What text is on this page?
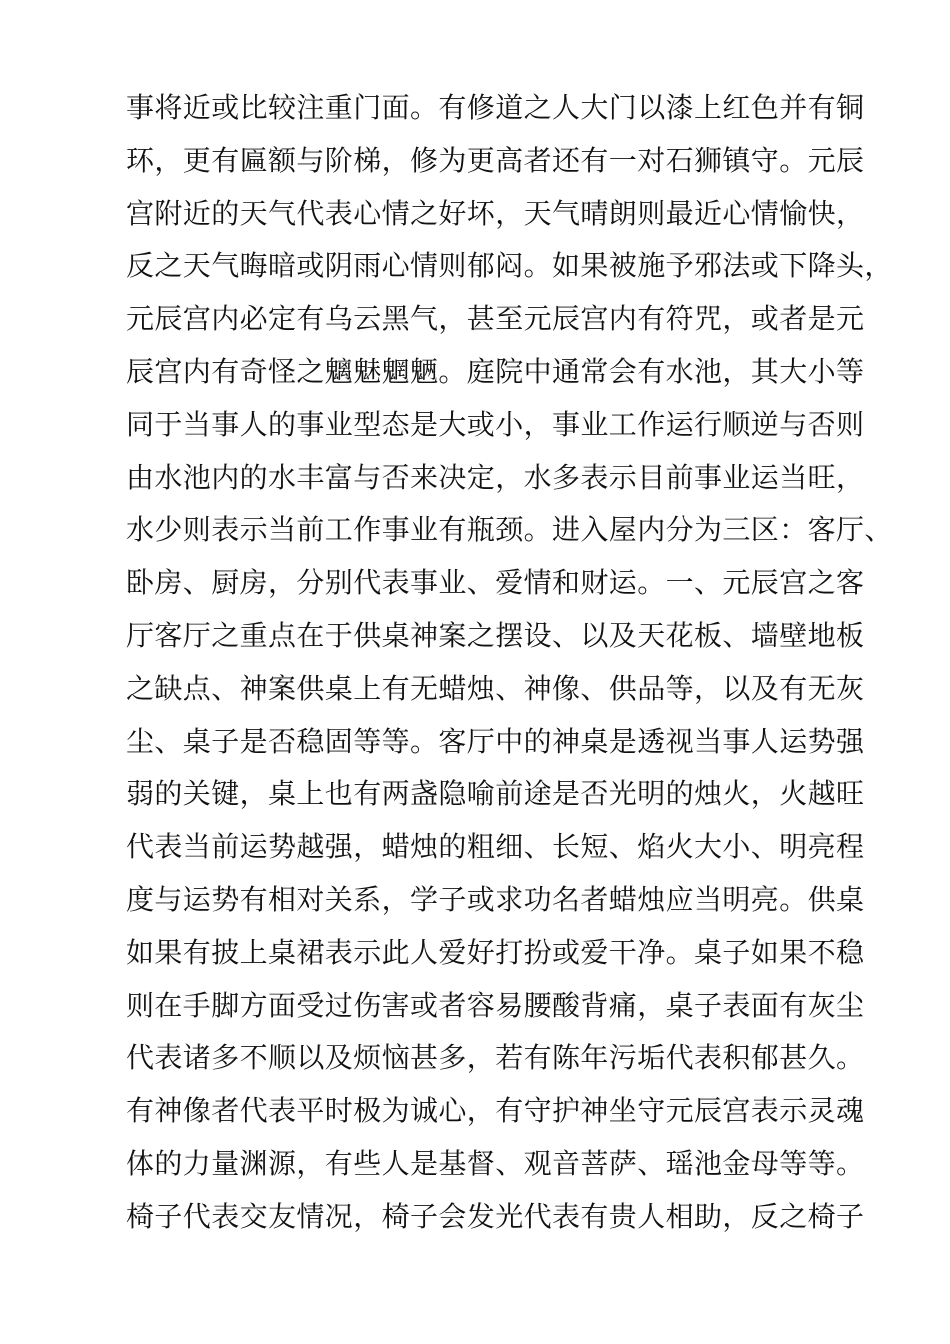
事将近或比较注重门面。有修道之人大门以漆上红色并有铜
环，更有匾额与阶梯，修为更高者还有一对石狮镇守。元辰
宫附近的天气代表心情之好坏，天气晴朗则最近心情愉快，
反之天气晦暗或阴雨心情则郁闷。如果被施予邪法或下降头，
元辰宫内必定有乌云黑气，甚至元辰宫内有符咒，或者是元
辰宫内有奇怪之魑魅魍魉。庭院中通常会有水池，其大小等
同于当事人的事业型态是大或小，事业工作运行顺逆与否则
由水池内的水丰富与否来决定，水多表示目前事业运当旺，
水少则表示当前工作事业有瓶颈。进入屋内分为三区：客厅、
卧房、厨房，分别代表事业、爱情和财运。一、元辰宫之客
厅客厅之重点在于供桌神案之摆设、以及天花板、墙壁地板
之缺点、神案供桌上有无蜡烛、神像、供品等，以及有无灰
尘、桌子是否稳固等等。客厅中的神桌是透视当事人运势强
弱的关键，桌上也有两盏隐喻前途是否光明的烛火，火越旺
代表当前运势越强，蜡烛的粗细、长短、焰火大小、明亮程
度与运势有相对关系，学子或求功名者蜡烛应当明亮。供桌
如果有披上桌裙表示此人爱好打扮或爱干净。桌子如果不稳
则在手脚方面受过伤害或者容易腰酸背痛，桌子表面有灰尘
代表诸多不顺以及烦恼甚多，若有陈年污垢代表积郁甚久。
有神像者代表平时极为诚心，有守护神坐守元辰宫表示灵魂
体的力量渊源，有些人是基督、观音菩萨、瑶池金母等等。
椅子代表交友情况，椅子会发光代表有贵人相助，反之椅子
